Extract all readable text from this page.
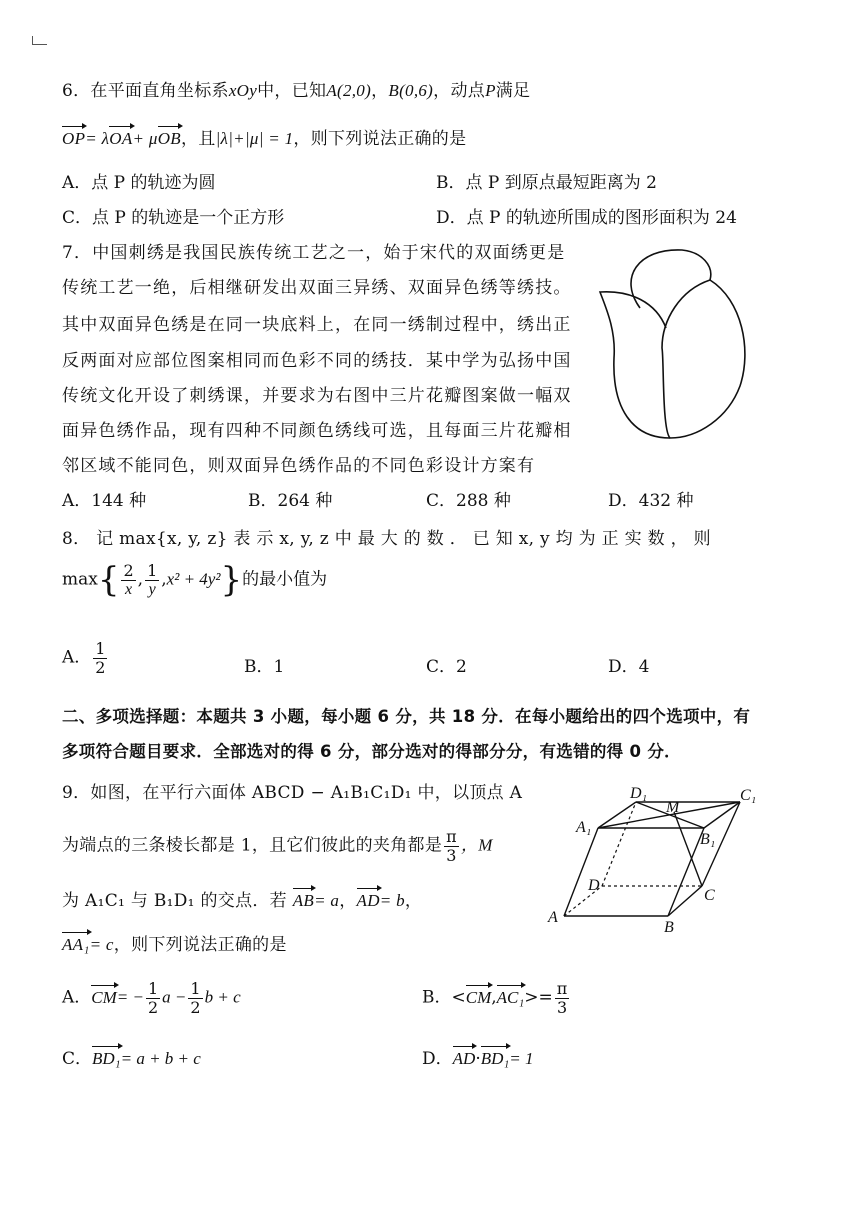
6．在平面直角坐标系xOy中，已知A(2,0)，B(0,6)，动点P满足
OP= λOA+ μOB，且|λ|+|μ| = 1，则下列说法正确的是
A．点 P 的轨迹为圆	B．点 P 到原点最短距离为 2
C．点 P 的轨迹是一个正方形	D．点 P 的轨迹所围成的图形面积为 24
7．中国刺绣是我国民族传统工艺之一，始于宋代的双面绣更是
传统工艺一绝，后相继研发出双面三异绣、双面异色绣等绣技。
其中双面异色绣是在同一块底料上，在同一绣制过程中，绣出正
反两面对应部位图案相同而色彩不同的绣技．某中学为弘扬中国
传统文化开设了刺绣课，并要求为右图中三片花瓣图案做一幅双
面异色绣作品，现有四种不同颜色绣线可选，且每面三片花瓣相
邻区域不能同色，则双面异色绣作品的不同色彩设计方案有
A．144 种	B．264 种	C．288 种	D．432 种
8． 记 max{x, y, z} 表 示 x, y, z 中 最 大 的 数 ． 已 知 x, y 均 为 正 实 数 ， 则
$\max\{ \frac{2}{x}$ , $\frac{1}{y} ,x^2 + 4y^2$}的最小值为
A． $\frac{1}{2}$	B．1	C．2	D．4
二、多项选择题：本题共 3 小题，每小题 6 分，共 18 分．在每小题给出的四个选项中，有
多项符合题目要求．全部选对的得 6 分，部分选对的得部分分，有选错的得 0 分．
9．如图，在平行六面体 ABCD − A₁B₁C₁D₁ 中，以顶点 A
为端点的三条棱长都是 1，且它们彼此的夹角都是 $\frac{\pi}{3}$ ，M
为 A₁C₁ 与 B₁D₁ 的交点．若 AB= a，AD= b，
AA₁= c，则下列说法正确的是
D₁
M
C₁
A₁
B₁
D
C
A
B
A．$CM= - \frac{1}{2}$ $a - \frac{1}{2}$ b + c	B．$<CM,AC_1>= \frac{\pi}{3}$
C．BD₁= a + b + c	D．AD·BD₁= 1
